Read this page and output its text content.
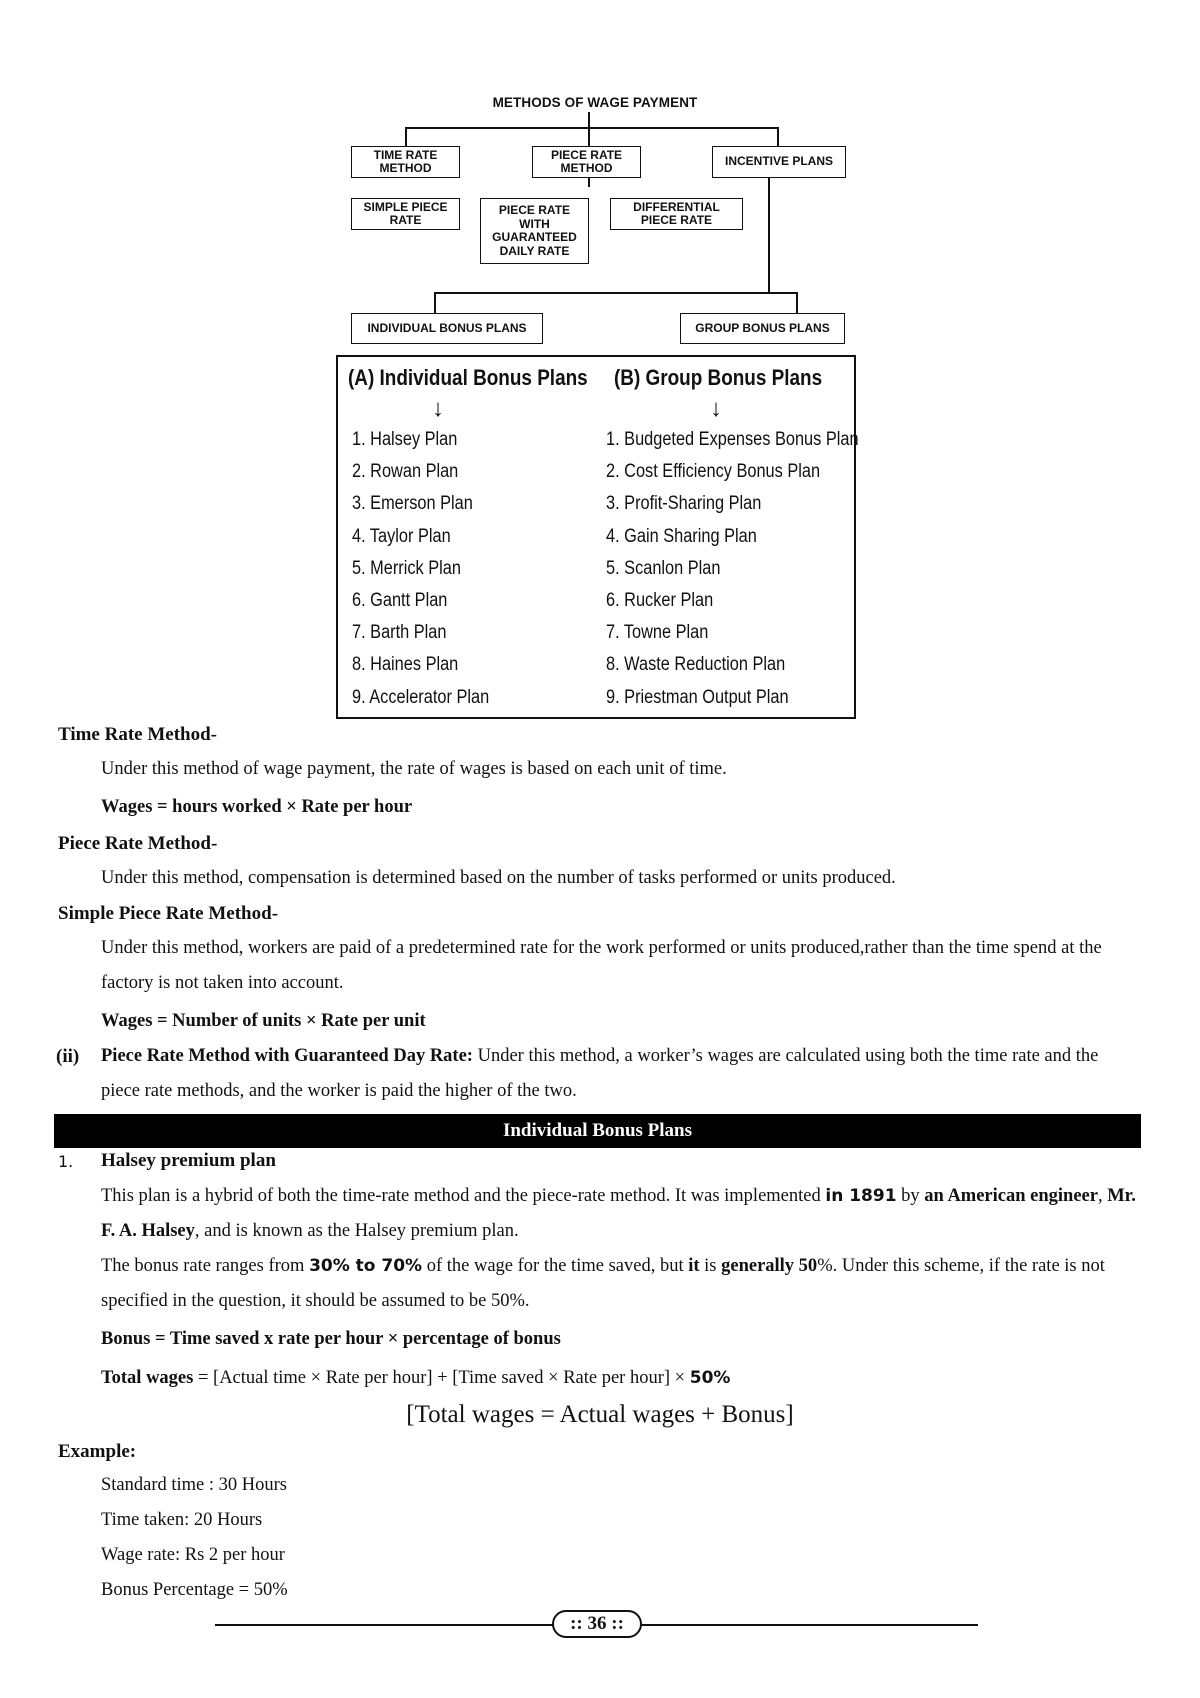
METHODS OF WAGE PAYMENT
TIME RATE
METHOD
PIECE RATE
METHOD	INCENTIVE PLANS
SIMPLE PIECE
RATE
PIECE RATE
WITH
GUARANTEED
DAILY RATE
DIFFERENTIAL
PIECE RATE
INDIVIDUAL BONUS PLANS	GROUP BONUS PLANS
(A) Individual Bonus Plans (B) Group Bonus Plans
↓	↓
1. Halsey Plan
2. Rowan Plan
3. Emerson Plan
4. Taylor Plan
5. Merrick Plan
6. Gantt Plan
7. Barth Plan
8. Haines Plan
9. Accelerator Plan
1. Budgeted Expenses Bonus Plan
2. Cost Efficiency Bonus Plan
3. Profit-Sharing Plan
4. Gain Sharing Plan
5. Scanlon Plan
6. Rucker Plan
7. Towne Plan
8. Waste Reduction Plan
9. Priestman Output Plan
Time Rate Method-
Under this method of wage payment, the rate of wages is based on each unit of time.
Wages = hours worked × Rate per hour
Piece Rate Method-
Under this method, compensation is determined based on the number of tasks performed or units produced.
Simple Piece Rate Method-
Under this method, workers are paid of a predetermined rate for the work performed or units produced,rather than the time spend at the factory is not taken into account.
Wages = Number of units × Rate per unit
(ii) Piece Rate Method with Guaranteed Day Rate: Under this method, a worker’s wages are calculated using both the time rate and the piece rate methods, and the worker is paid the higher of the two.
Individual Bonus Plans
1. Halsey premium plan
This plan is a hybrid of both the time-rate method and the piece-rate method. It was implemented in 1891 by an American engineer, Mr. F. A. Halsey, and is known as the Halsey premium plan.
The bonus rate ranges from 30% to 70% of the wage for the time saved, but it is generally 50%. Under this scheme, if the rate is not specified in the question, it should be assumed to be 50%.
Bonus = Time saved x rate per hour × percentage of bonus
Total wages = [Actual time × Rate per hour] + [Time saved × Rate per hour] × 50%
[Total wages = Actual wages + Bonus]
Example:
Standard time : 30 Hours
Time taken: 20 Hours
Wage rate: Rs 2 per hour
Bonus Percentage = 50%
:: 36 ::
